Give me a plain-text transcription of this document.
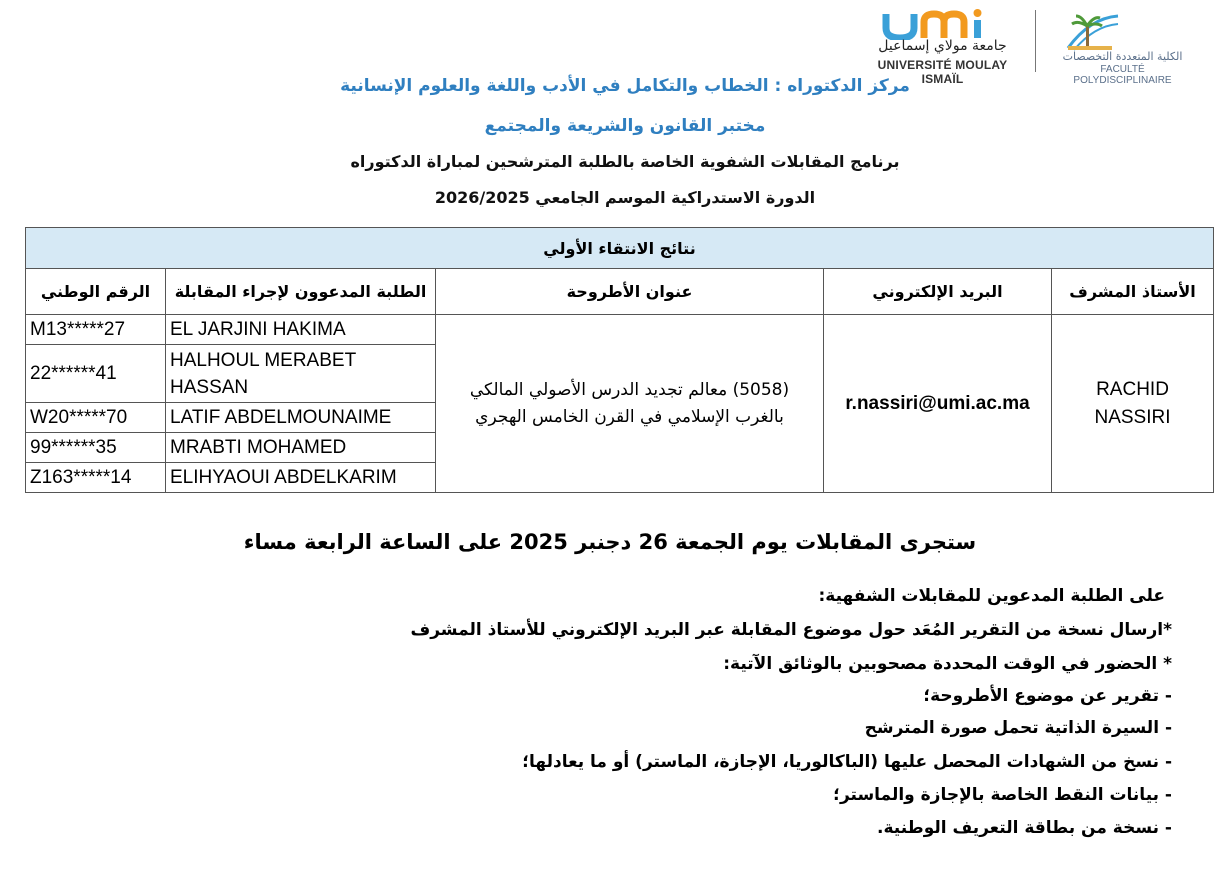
جامعة مولاي إسماعيل
UNIVERSITÉ MOULAY ISMAÏL
الكلية المتعددة التخصصات
FACULTÉ POLYDISCIPLINAIRE
مركز الدكتوراه : الخطاب والتكامل في الأدب واللغة والعلوم الإنسانية
مختبر القانون والشريعة والمجتمع
برنامج المقابلات الشفوية الخاصة بالطلبة المترشحين لمباراة الدكتوراه
الدورة الاستدراكية الموسم الجامعي 2026/2025
نتائج الانتقاء الأولي				
الرقم الوطني	الطلبة المدعوون لإجراء المقابلة	عنوان الأطروحة	البريد الإلكتروني	الأستاذ المشرف
M13*****27	EL JARJINI HAKIMA	(5058) معالم تجديد الدرس الأصولي المالكي بالغرب الإسلامي في القرن الخامس الهجري	r.nassiri@umi.ac.ma	RACHID NASSIRI
22******41	HALHOUL MERABET HASSAN			
W20*****70	LATIF ABDELMOUNAIME			
99******35	MRABTI MOHAMED			
Z163*****14	ELIHYAOUI ABDELKARIM			
ستجرى المقابلات يوم الجمعة 26 دجنبر 2025 على الساعة الرابعة مساء
على الطلبة المدعوين للمقابلات الشفهية:
*ارسال نسخة من التقرير المُعَد حول موضوع المقابلة عبر البريد الإلكتروني للأستاذ المشرف
* الحضور في الوقت المحددة مصحوبين بالوثائق الآتية:
- تقرير عن موضوع الأطروحة؛
- السيرة الذاتية تحمل صورة المترشح
- نسخ من الشهادات المحصل عليها (الباكالوريا، الإجازة، الماستر) أو ما يعادلها؛
- بيانات النقط الخاصة بالإجازة والماستر؛
- نسخة من بطاقة التعريف الوطنية.
